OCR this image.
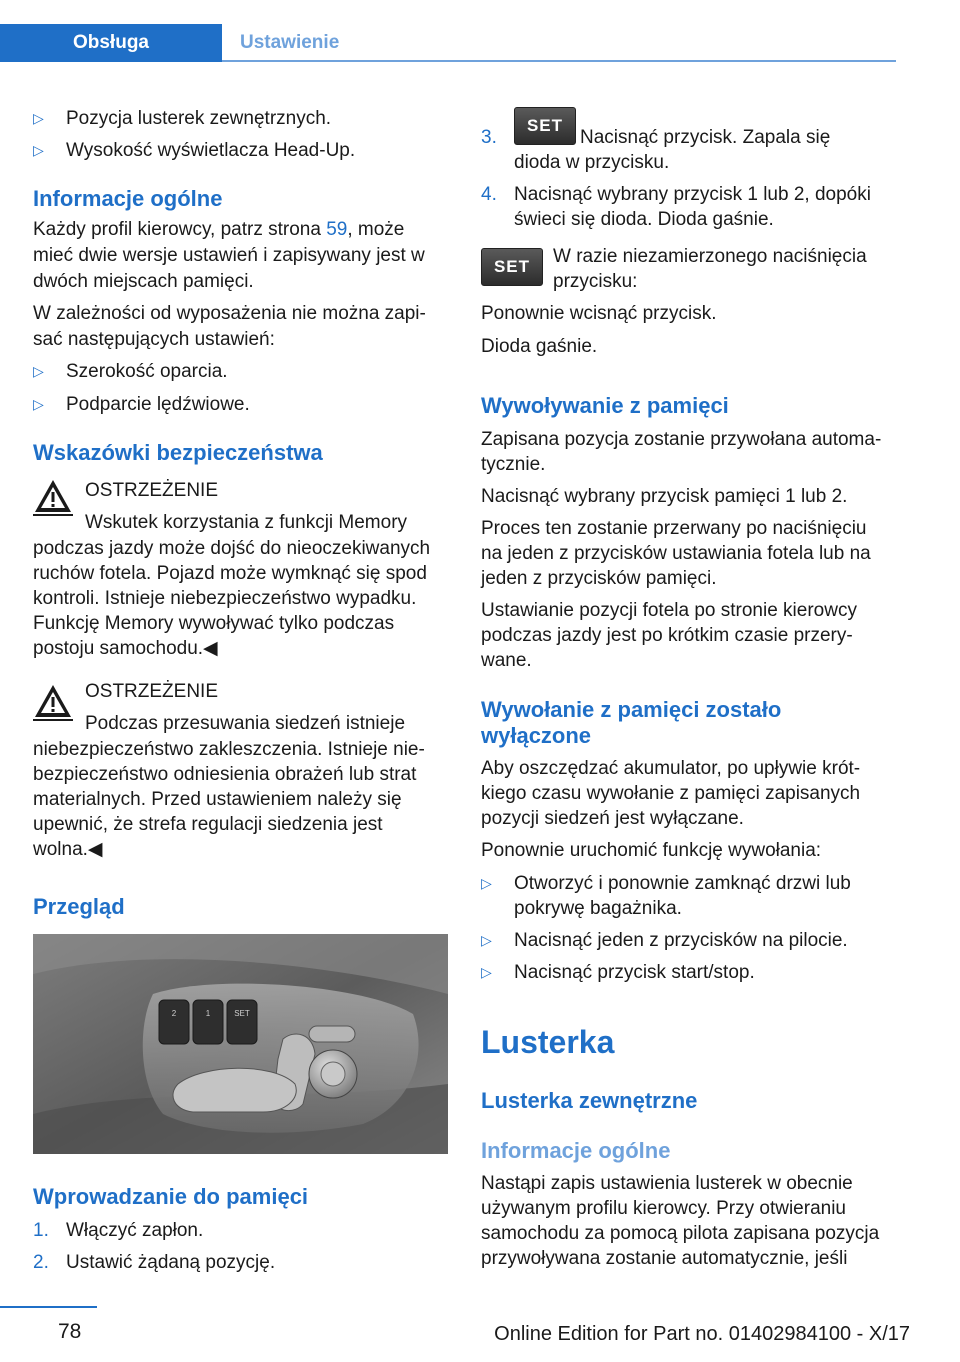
Obsługa	Ustawienie
▷	Pozycja lusterek zewnętrznych.
▷	Wysokość wyświetlacza Head-Up.
Informacje ogólne
Każdy profil kierowcy, patrz strona 59, może
mieć dwie wersje ustawień i zapisywany jest w
dwóch miejscach pamięci.
W zależności od wyposażenia nie można zapi‐
sać następujących ustawień:
▷	Szerokość oparcia.
▷	Podparcie lędźwiowe.
Wskazówki bezpieczeństwa
OSTRZEŻENIE
Wskutek korzystania z funkcji Memory
podczas jazdy może dojść do nieoczekiwanych
ruchów fotela. Pojazd może wymknąć się spod
kontroli. Istnieje niebezpieczeństwo wypadku.
Funkcję Memory wywoływać tylko podczas
postoju samochodu.◀
OSTRZEŻENIE
Podczas przesuwania siedzeń istnieje
niebezpieczeństwo zakleszczenia. Istnieje nie‐
bezpieczeństwo odniesienia obrażeń lub strat
materialnych. Przed ustawieniem należy się
upewnić, że strefa regulacji siedzenia jest
wolna.◀
Przegląd
2	1	SET
Wprowadzanie do pamięci
1. Włączyć zapłon.
2. Ustawić żądaną pozycję.
3.
SET
Nacisnąć przycisk. Zapala się
dioda w przycisku.
4. Nacisnąć wybrany przycisk 1 lub 2, dopóki
świeci się dioda. Dioda gaśnie.
SET	W razie niezamierzonego naciśnięcia
przycisku:
Ponownie wcisnąć przycisk.
Dioda gaśnie.
Wywoływanie z pamięci
Zapisana pozycja zostanie przywołana automa‐
tycznie.
Nacisnąć wybrany przycisk pamięci 1 lub 2.
Proces ten zostanie przerwany po naciśnięciu
na jeden z przycisków ustawiania fotela lub na
jeden z przycisków pamięci.
Ustawianie pozycji fotela po stronie kierowcy
podczas jazdy jest po krótkim czasie przery‐
wane.
Wywołanie z pamięci zostało
wyłączone
Aby oszczędzać akumulator, po upływie krót‐
kiego czasu wywołanie z pamięci zapisanych
pozycji siedzeń jest wyłączane.
Ponownie uruchomić funkcję wywołania:
▷	Otworzyć i ponownie zamknąć drzwi lub
pokrywę bagażnika.
▷	Nacisnąć jeden z przycisków na pilocie.
▷	Nacisnąć przycisk start/stop.
Lusterka
Lusterka zewnętrzne
Informacje ogólne
Nastąpi zapis ustawienia lusterek w obecnie
używanym profilu kierowcy. Przy otwieraniu
samochodu za pomocą pilota zapisana pozycja
przywoływana zostanie automatycznie, jeśli
78	Online Edition for Part no. 01402984100 - X/17
